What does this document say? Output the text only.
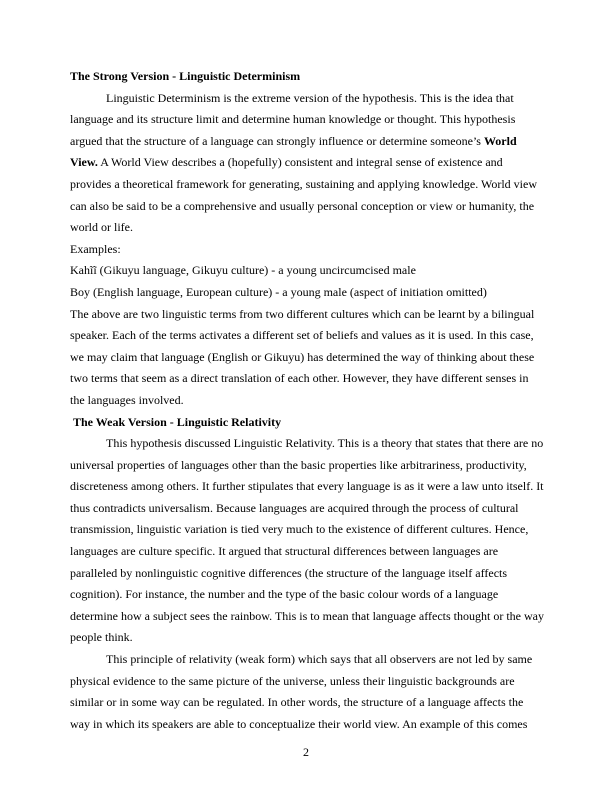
The Strong Version - Linguistic Determinism

Linguistic Determinism is the extreme version of the hypothesis. This is the idea that language and its structure limit and determine human knowledge or thought. This hypothesis argued that the structure of a language can strongly influence or determine someone’s World View. A World View describes a (hopefully) consistent and integral sense of existence and provides a theoretical framework for generating, sustaining and applying knowledge. World view can also be said to be a comprehensive and usually personal conception or view or humanity, the world or life.

Examples:

Kahĩĩ (Gikuyu language, Gikuyu culture) - a young uncircumcised male

Boy (English language, European culture) - a young male (aspect of initiation omitted)

The above are two linguistic terms from two different cultures which can be learnt by a bilingual speaker. Each of the terms activates a different set of beliefs and values as it is used. In this case, we may claim that language (English or Gikuyu) has determined the way of thinking about these two terms that seem as a direct translation of each other. However, they have different senses in the languages involved.

The Weak Version - Linguistic Relativity

This hypothesis discussed Linguistic Relativity. This is a theory that states that there are no universal properties of languages other than the basic properties like arbitrariness, productivity, discreteness among others. It further stipulates that every language is as it were a law unto itself. It thus contradicts universalism. Because languages are acquired through the process of cultural transmission, linguistic variation is tied very much to the existence of different cultures. Hence, languages are culture specific. It argued that structural differences between languages are paralleled by nonlinguistic cognitive differences (the structure of the language itself affects cognition). For instance, the number and the type of the basic colour words of a language determine how a subject sees the rainbow. This is to mean that language affects thought or the way people think.

This principle of relativity (weak form) which says that all observers are not led by same physical evidence to the same picture of the universe, unless their linguistic backgrounds are similar or in some way can be regulated. In other words, the structure of a language affects the way in which its speakers are able to conceptualize their world view. An example of this comes

2
